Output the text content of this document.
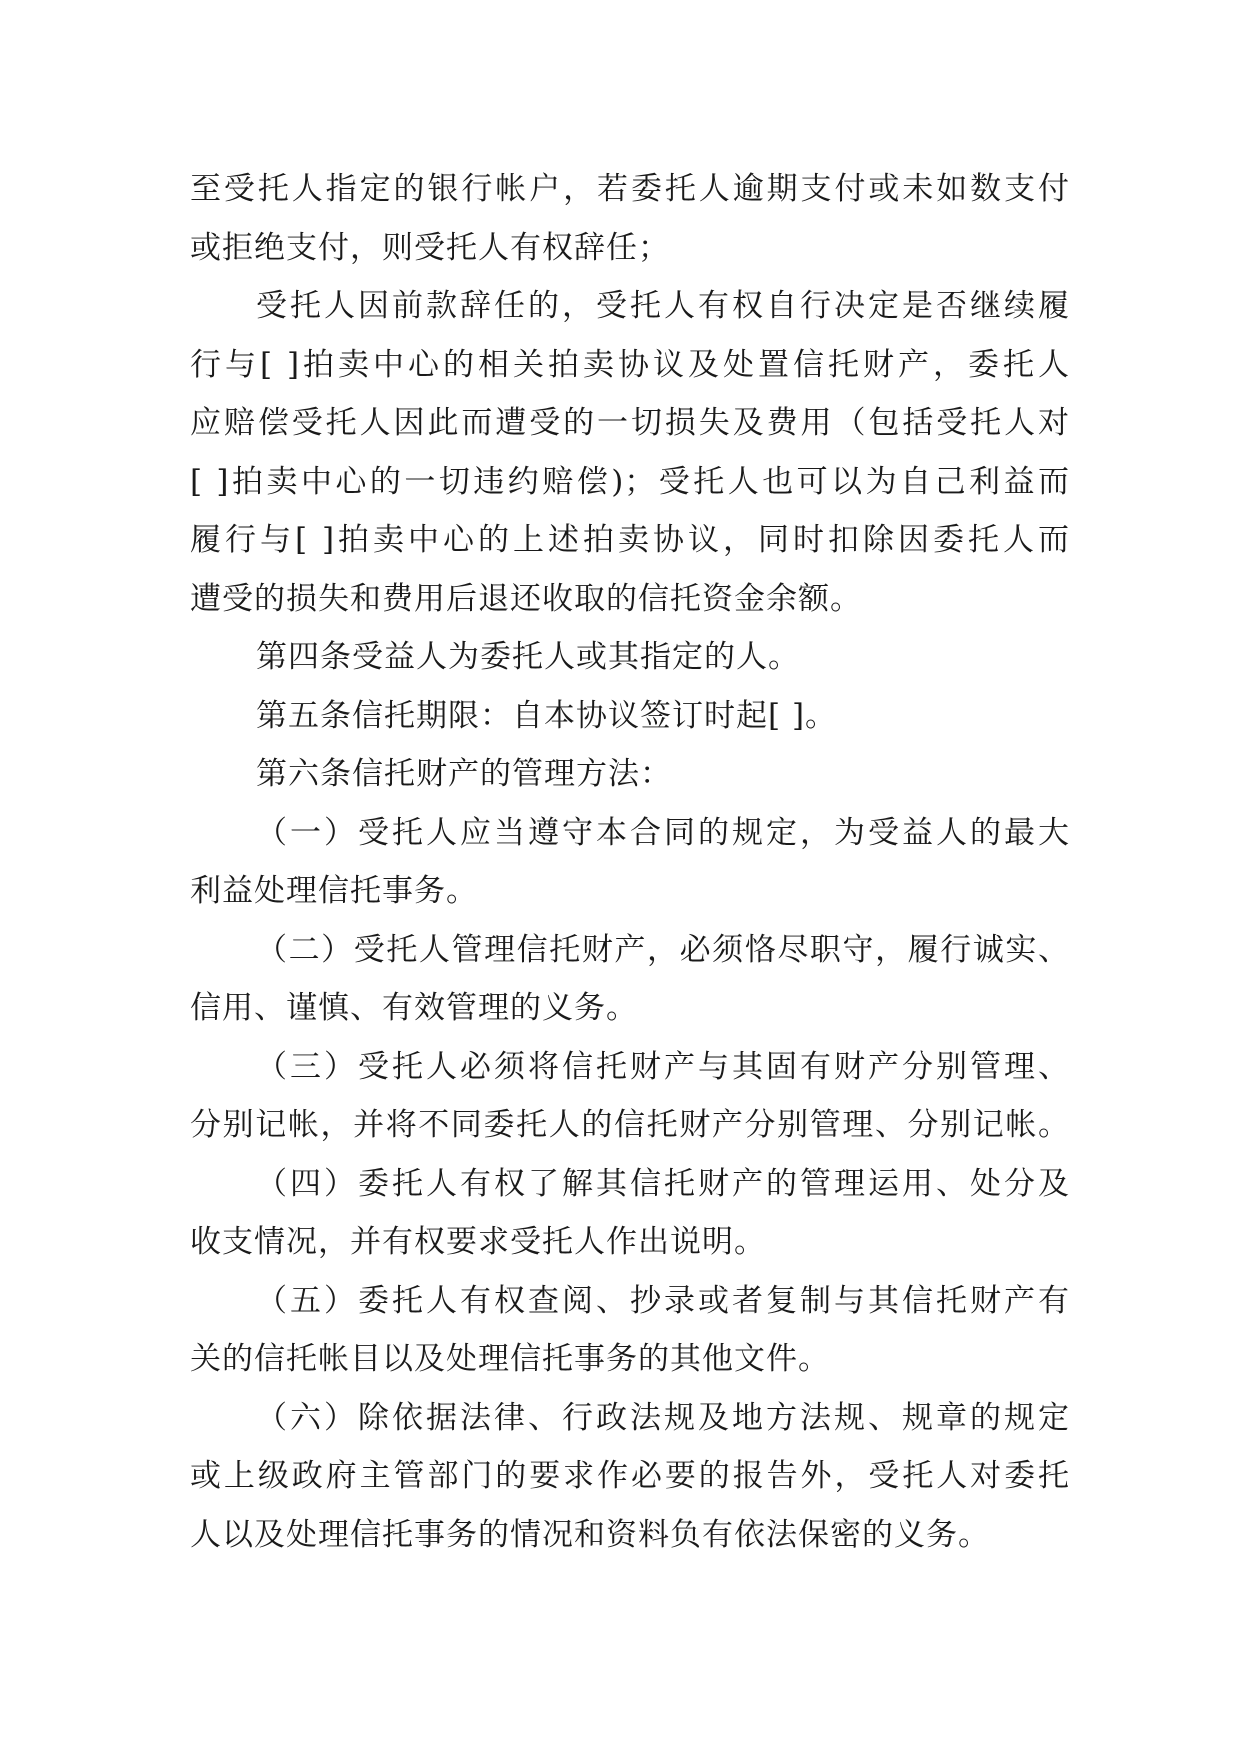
至受托人指定的银行帐户，若委托人逾期支付或未如数支付
或拒绝支付，则受托人有权辞任；
受托人因前款辞任的，受托人有权自行决定是否继续履
行与[ ]拍卖中心的相关拍卖协议及处置信托财产，委托人
应赔偿受托人因此而遭受的一切损失及费用（包括受托人对
[ ]拍卖中心的一切违约赔偿)；受托人也可以为自己利益而
履行与[ ]拍卖中心的上述拍卖协议，同时扣除因委托人而
遭受的损失和费用后退还收取的信托资金余额。
第四条受益人为委托人或其指定的人。
第五条信托期限：自本协议签订时起[ ]。
第六条信托财产的管理方法：
（一）受托人应当遵守本合同的规定，为受益人的最大
利益处理信托事务。
（二）受托人管理信托财产，必须恪尽职守，履行诚实、
信用、谨慎、有效管理的义务。
（三）受托人必须将信托财产与其固有财产分别管理、
分别记帐，并将不同委托人的信托财产分别管理、分别记帐。
（四）委托人有权了解其信托财产的管理运用、处分及
收支情况，并有权要求受托人作出说明。
（五）委托人有权查阅、抄录或者复制与其信托财产有
关的信托帐目以及处理信托事务的其他文件。
（六）除依据法律、行政法规及地方法规、规章的规定
或上级政府主管部门的要求作必要的报告外，受托人对委托
人以及处理信托事务的情况和资料负有依法保密的义务。
